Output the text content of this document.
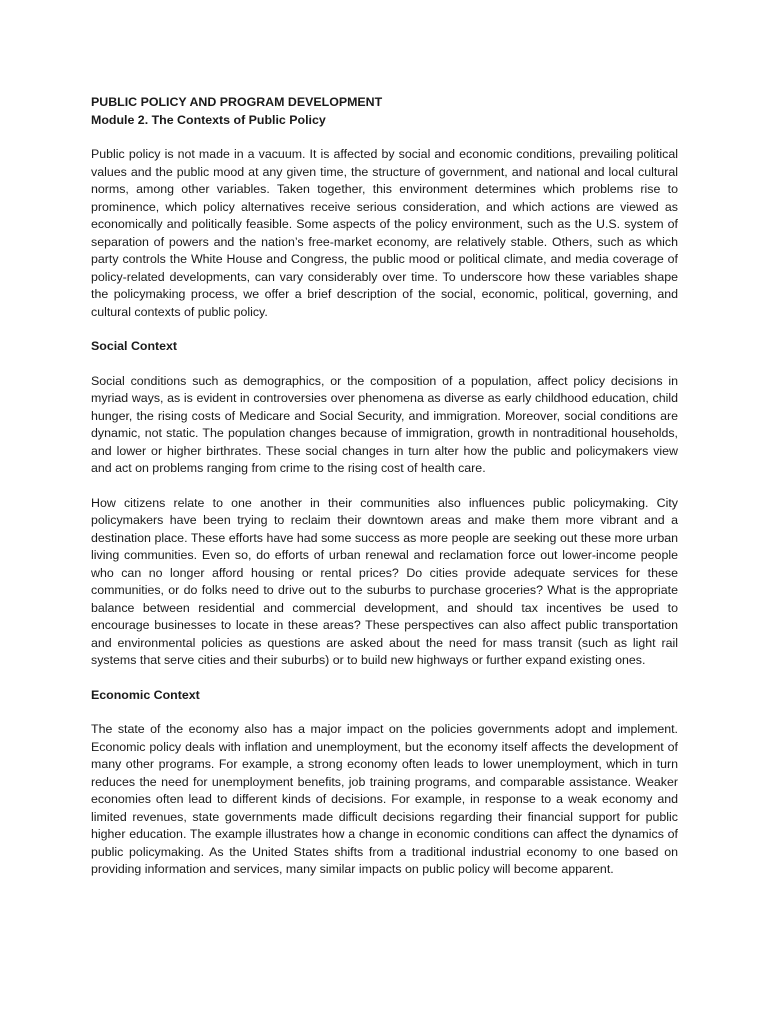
PUBLIC POLICY AND PROGRAM DEVELOPMENT

Module 2. The Contexts of Public Policy

Public policy is not made in a vacuum. It is affected by social and economic conditions, prevailing political values and the public mood at any given time, the structure of government, and national and local cultural norms, among other variables. Taken together, this environment determines which problems rise to prominence, which policy alternatives receive serious consideration, and which actions are viewed as economically and politically feasible. Some aspects of the policy environment, such as the U.S. system of separation of powers and the nation’s free-market economy, are relatively stable. Others, such as which party controls the White House and Congress, the public mood or political climate, and media coverage of policy-related developments, can vary considerably over time. To underscore how these variables shape the policymaking process, we offer a brief description of the social, economic, political, governing, and cultural contexts of public policy.

Social Context

Social conditions such as demographics, or the composition of a population, affect policy decisions in myriad ways, as is evident in controversies over phenomena as diverse as early childhood education, child hunger, the rising costs of Medicare and Social Security, and immigration. Moreover, social conditions are dynamic, not static. The population changes because of immigration, growth in nontraditional households, and lower or higher birthrates. These social changes in turn alter how the public and policymakers view and act on problems ranging from crime to the rising cost of health care.

How citizens relate to one another in their communities also influences public policymaking. City policymakers have been trying to reclaim their downtown areas and make them more vibrant and a destination place. These efforts have had some success as more people are seeking out these more urban living communities. Even so, do efforts of urban renewal and reclamation force out lower-income people who can no longer afford housing or rental prices? Do cities provide adequate services for these communities, or do folks need to drive out to the suburbs to purchase groceries? What is the appropriate balance between residential and commercial development, and should tax incentives be used to encourage businesses to locate in these areas? These perspectives can also affect public transportation and environmental policies as questions are asked about the need for mass transit (such as light rail systems that serve cities and their suburbs) or to build new highways or further expand existing ones.

Economic Context

The state of the economy also has a major impact on the policies governments adopt and implement. Economic policy deals with inflation and unemployment, but the economy itself affects the development of many other programs. For example, a strong economy often leads to lower unemployment, which in turn reduces the need for unemployment benefits, job training programs, and comparable assistance. Weaker economies often lead to different kinds of decisions. For example, in response to a weak economy and limited revenues, state governments made difficult decisions regarding their financial support for public higher education. The example illustrates how a change in economic conditions can affect the dynamics of public policymaking. As the United States shifts from a traditional industrial economy to one based on providing information and services, many similar impacts on public policy will become apparent.
